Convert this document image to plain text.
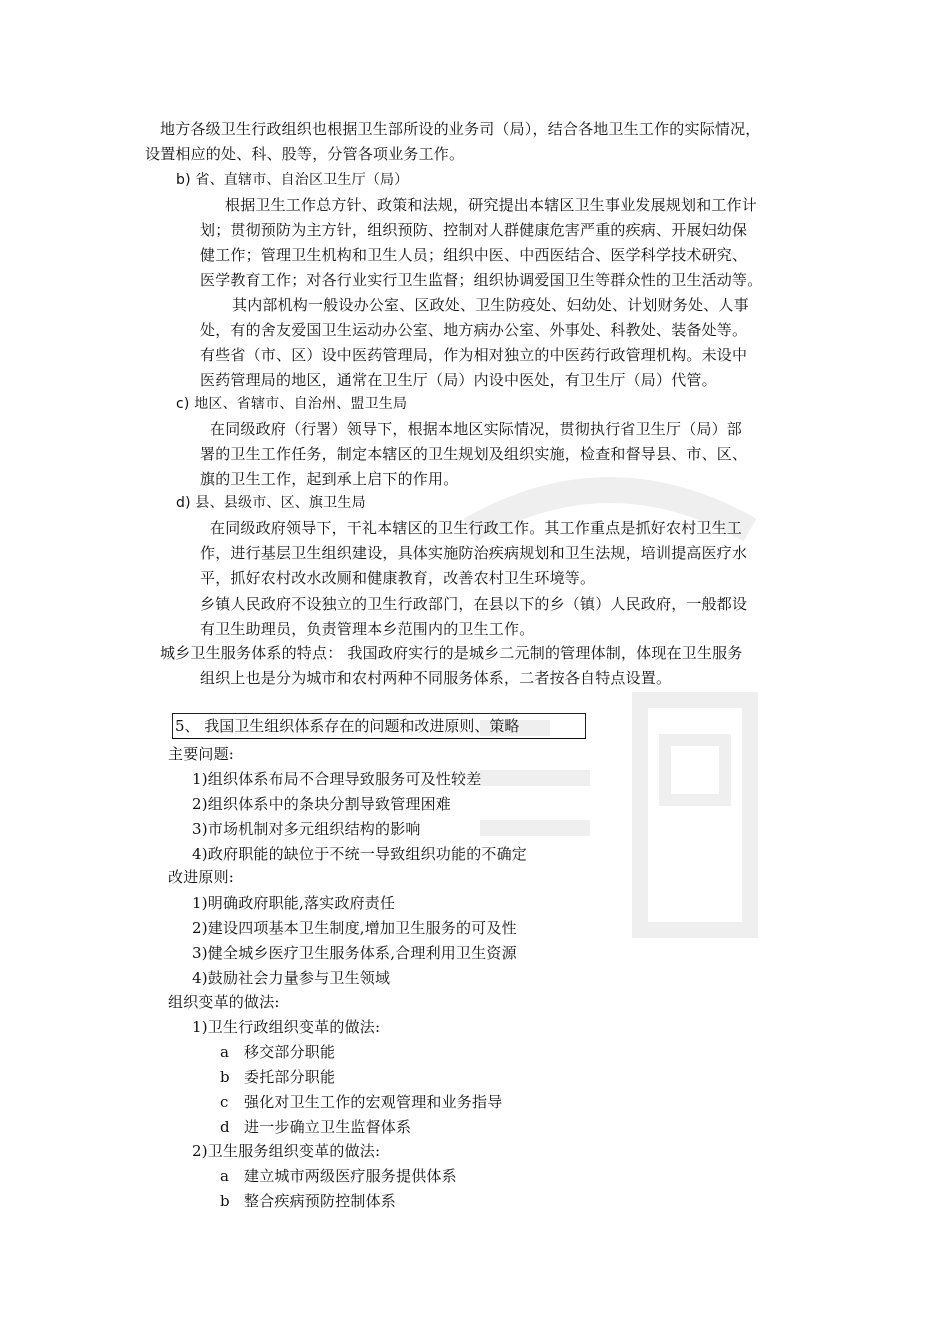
地方各级卫生行政组织也根据卫生部所设的业务司（局），结合各地卫生工作的实际情况，
设置相应的处、科、股等，分管各项业务工作。
b) 省、直辖市、自治区卫生厅（局）
根据卫生工作总方针、政策和法规，研究提出本辖区卫生事业发展规划和工作计
划；贯彻预防为主方针，组织预防、控制对人群健康危害严重的疾病、开展妇幼保
健工作；管理卫生机构和卫生人员；组织中医、中西医结合、医学科学技术研究、
医学教育工作；对各行业实行卫生监督；组织协调爱国卫生等群众性的卫生活动等。
其内部机构一般设办公室、区政处、卫生防疫处、妇幼处、计划财务处、人事
处，有的舍友爱国卫生运动办公室、地方病办公室、外事处、科教处、装备处等。
有些省（市、区）设中医药管理局，作为相对独立的中医药行政管理机构。未设中
医药管理局的地区，通常在卫生厅（局）内设中医处，有卫生厅（局）代管。
c) 地区、省辖市、自治州、盟卫生局
在同级政府（行署）领导下，根据本地区实际情况，贯彻执行省卫生厅（局）部
署的卫生工作任务，制定本辖区的卫生规划及组织实施，检查和督导县、市、区、
旗的卫生工作，起到承上启下的作用。
d) 县、县级市、区、旗卫生局
在同级政府领导下，干礼本辖区的卫生行政工作。其工作重点是抓好农村卫生工
作，进行基层卫生组织建设，具体实施防治疾病规划和卫生法规，培训提高医疗水
平，抓好农村改水改厕和健康教育，改善农村卫生环境等。
乡镇人民政府不设独立的卫生行政部门，在县以下的乡（镇）人民政府，一般都设
有卫生助理员，负责管理本乡范围内的卫生工作。
城乡卫生服务体系的特点： 我国政府实行的是城乡二元制的管理体制，体现在卫生服务
组织上也是分为城市和农村两种不同服务体系，二者按各自特点设置。
5、 我国卫生组织体系存在的问题和改进原则、策略
主要问题:
1)组织体系布局不合理导致服务可及性较差
2)组织体系中的条块分割导致管理困难
3)市场机制对多元组织结构的影响
4)政府职能的缺位于不统一导致组织功能的不确定
改进原则:
1)明确政府职能,落实政府责任
2)建设四项基本卫生制度,增加卫生服务的可及性
3)健全城乡医疗卫生服务体系,合理利用卫生资源
4)鼓励社会力量参与卫生领域
组织变革的做法:
1)卫生行政组织变革的做法:
a 移交部分职能
b 委托部分职能
c 强化对卫生工作的宏观管理和业务指导
d 进一步确立卫生监督体系
2)卫生服务组织变革的做法:
a 建立城市两级医疗服务提供体系
b 整合疾病预防控制体系
